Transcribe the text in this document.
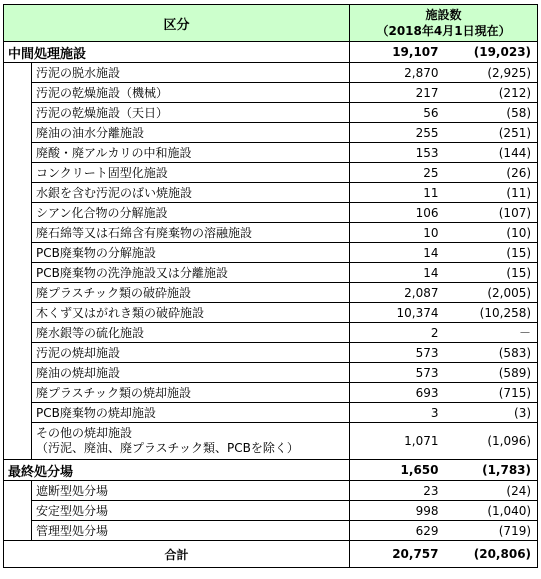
区分		施設数
（2018年4月1日現在）	

中間処理施設		19,107	(19,023)
	汚泥の脱水施設	2,870	(2,925)
	汚泥の乾燥施設（機械）	217	(212)
	汚泥の乾燥施設（天日）	56	(58)
	廃油の油水分離施設	255	(251)
	廃酸・廃アルカリの中和施設	153	(144)
	コンクリート固型化施設	25	(26)
	水銀を含む汚泥のばい焼施設	11	(11)
	シアン化合物の分解施設	106	(107)
	廃石綿等又は石綿含有廃棄物の溶融施設	10	(10)
	PCB廃棄物の分解施設	14	(15)
	PCB廃棄物の洗浄施設又は分離施設	14	(15)
	廃プラスチック類の破砕施設	2,087	(2,005)
	木くず又はがれき類の破砕施設	10,374	(10,258)
	廃水銀等の硫化施設	2	－
	汚泥の焼却施設	573	(583)
	廃油の焼却施設	573	(589)
	廃プラスチック類の焼却施設	693	(715)
	PCB廃棄物の焼却施設	3	(3)

	その他の焼却施設
（汚泥、廃油、廃プラスチック類、PCBを除く）	1,071	(1,096)
最終処分場		1,650	(1,783)
	遮断型処分場	23	(24)
	安定型処分場	998	(1,040)
	管理型処分場	629	(719)
合計		20,757	(20,806)
